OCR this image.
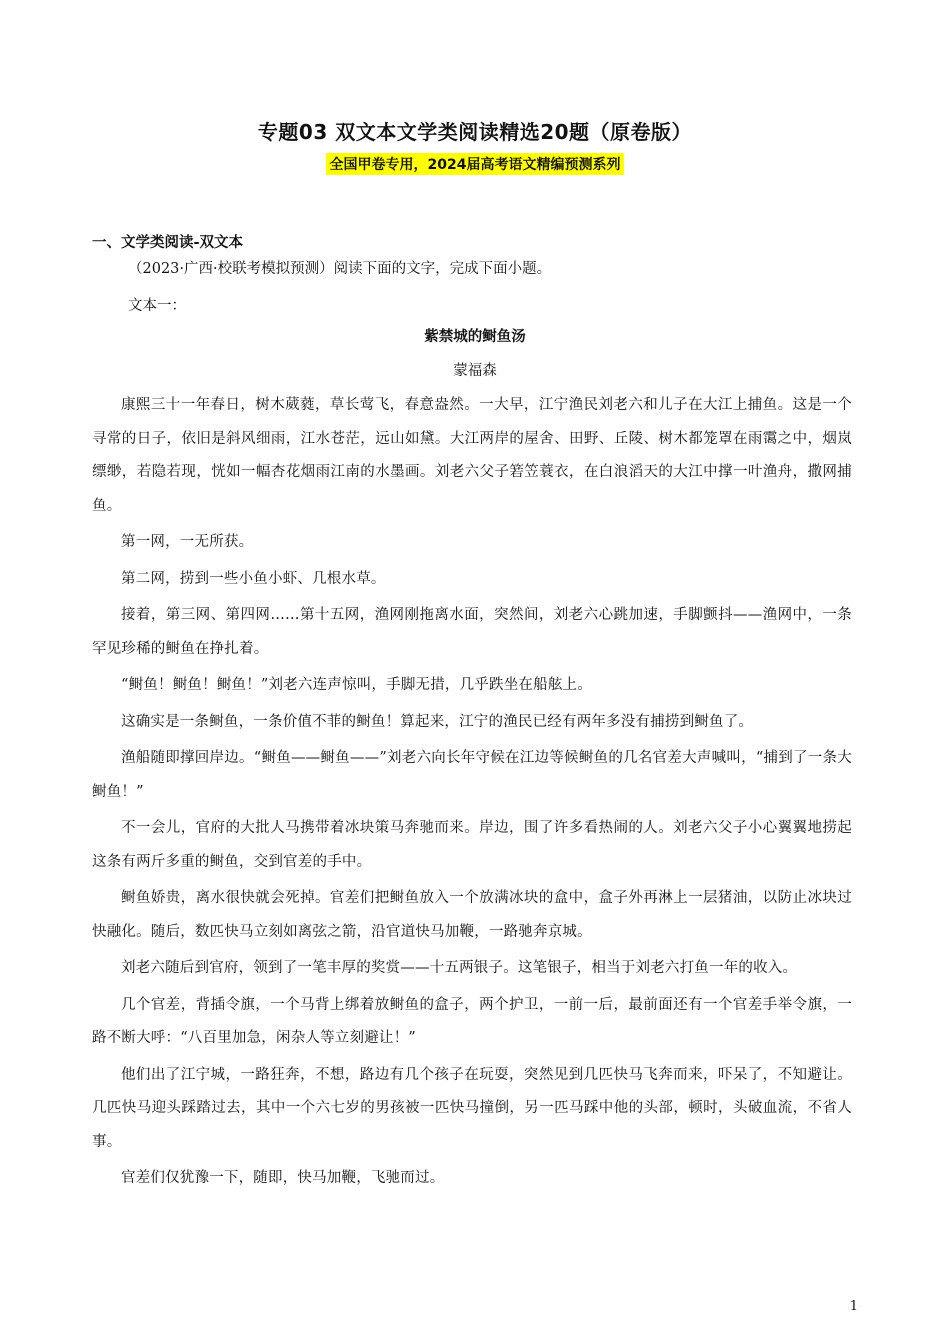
专题03 双文本文学类阅读精选20题（原卷版）
全国甲卷专用，2024届高考语文精编预测系列
一、文学类阅读-双文本
（2023·广西·校联考模拟预测）阅读下面的文字，完成下面小题。
文本一：
紫禁城的鲥鱼汤
蒙福森

康熙三十一年春日，树木葳蕤，草长莺飞，春意盎然。一大早，江宁渔民刘老六和儿子在大江上捕鱼。这是一个寻常的日子，依旧是斜风细雨，江水苍茫，远山如黛。大江两岸的屋舍、田野、丘陵、树木都笼罩在雨霭之中，烟岚缥缈，若隐若现，恍如一幅杏花烟雨江南的水墨画。刘老六父子箬笠蓑衣，在白浪滔天的大江中撑一叶渔舟，撒网捕鱼。

第一网，一无所获。

第二网，捞到一些小鱼小虾、几根水草。

接着，第三网、第四网……第十五网，渔网刚拖离水面，突然间，刘老六心跳加速，手脚颤抖——渔网中，一条罕见珍稀的鲥鱼在挣扎着。

“鲥鱼！鲥鱼！鲥鱼！”刘老六连声惊叫，手脚无措，几乎跌坐在船舷上。

这确实是一条鲥鱼，一条价值不菲的鲥鱼！算起来，江宁的渔民已经有两年多没有捕捞到鲥鱼了。

渔船随即撑回岸边。“鲥鱼——鲥鱼——”刘老六向长年守候在江边等候鲥鱼的几名官差大声喊叫，“捕到了一条大鲥鱼！”

不一会儿，官府的大批人马携带着冰块策马奔驰而来。岸边，围了许多看热闹的人。刘老六父子小心翼翼地捞起这条有两斤多重的鲥鱼，交到官差的手中。

鲥鱼娇贵，离水很快就会死掉。官差们把鲥鱼放入一个放满冰块的盒中，盒子外再淋上一层猪油，以防止冰块过快融化。随后，数匹快马立刻如离弦之箭，沿官道快马加鞭，一路驰奔京城。

刘老六随后到官府，领到了一笔丰厚的奖赏——十五两银子。这笔银子，相当于刘老六打鱼一年的收入。

几个官差，背插令旗，一个马背上绑着放鲥鱼的盒子，两个护卫，一前一后，最前面还有一个官差手举令旗，一路不断大呼：“八百里加急，闲杂人等立刻避让！”

他们出了江宁城，一路狂奔，不想，路边有几个孩子在玩耍，突然见到几匹快马飞奔而来，吓呆了，不知避让。几匹快马迎头踩踏过去，其中一个六七岁的男孩被一匹快马撞倒，另一匹马踩中他的头部，顿时，头破血流，不省人事。

官差们仅犹豫一下，随即，快马加鞭，飞驰而过。

1
